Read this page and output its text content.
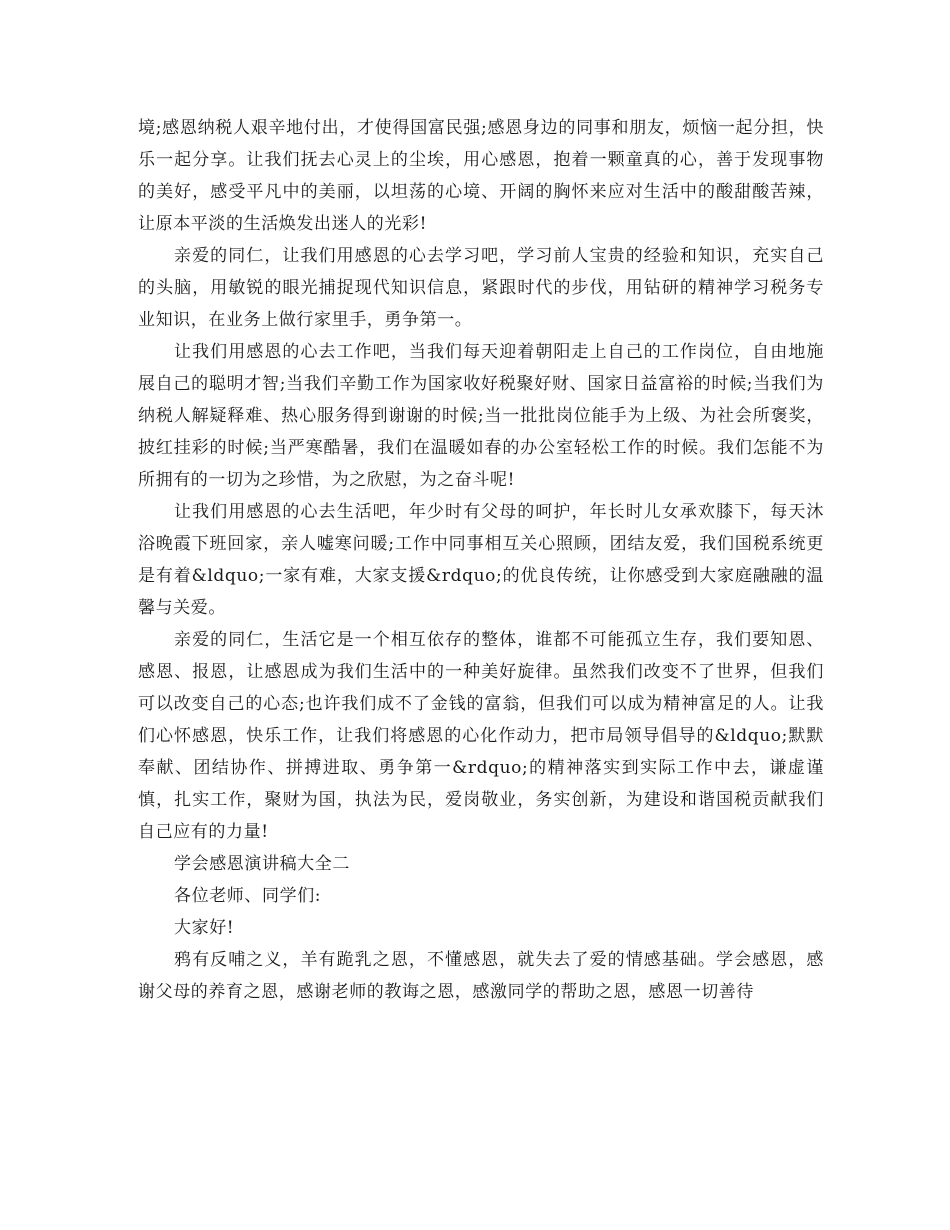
境;感恩纳税人艰辛地付出，才使得国富民强;感恩身边的同事和朋友，烦恼一起分担，快乐一起分享。让我们抚去心灵上的尘埃，用心感恩，抱着一颗童真的心，善于发现事物的美好，感受平凡中的美丽，以坦荡的心境、开阔的胸怀来应对生活中的酸甜酸苦辣，让原本平淡的生活焕发出迷人的光彩!

亲爱的同仁，让我们用感恩的心去学习吧，学习前人宝贵的经验和知识，充实自己的头脑，用敏锐的眼光捕捉现代知识信息，紧跟时代的步伐，用钻研的精神学习税务专业知识，在业务上做行家里手，勇争第一。

让我们用感恩的心去工作吧，当我们每天迎着朝阳走上自己的工作岗位，自由地施展自己的聪明才智;当我们辛勤工作为国家收好税聚好财、国家日益富裕的时候;当我们为纳税人解疑释难、热心服务得到谢谢的时候;当一批批岗位能手为上级、为社会所褒奖，披红挂彩的时候;当严寒酷暑，我们在温暖如春的办公室轻松工作的时候。我们怎能不为所拥有的一切为之珍惜，为之欣慰，为之奋斗呢!

让我们用感恩的心去生活吧，年少时有父母的呵护，年长时儿女承欢膝下，每天沐浴晚霞下班回家，亲人嘘寒问暖;工作中同事相互关心照顾，团结友爱，我们国税系统更是有着&ldquo;一家有难，大家支援&rdquo;的优良传统，让你感受到大家庭融融的温馨与关爱。

亲爱的同仁，生活它是一个相互依存的整体，谁都不可能孤立生存，我们要知恩、感恩、报恩，让感恩成为我们生活中的一种美好旋律。虽然我们改变不了世界，但我们可以改变自己的心态;也许我们成不了金钱的富翁，但我们可以成为精神富足的人。让我们心怀感恩，快乐工作，让我们将感恩的心化作动力，把市局领导倡导的&ldquo;默默奉献、团结协作、拼搏进取、勇争第一&rdquo;的精神落实到实际工作中去，谦虚谨慎，扎实工作，聚财为国，执法为民，爱岗敬业，务实创新，为建设和谐国税贡献我们自己应有的力量!

学会感恩演讲稿大全二

各位老师、同学们:

大家好!

鸦有反哺之义，羊有跪乳之恩，不懂感恩，就失去了爱的情感基础。学会感恩，感谢父母的养育之恩，感谢老师的教诲之恩，感激同学的帮助之恩，感恩一切善待
